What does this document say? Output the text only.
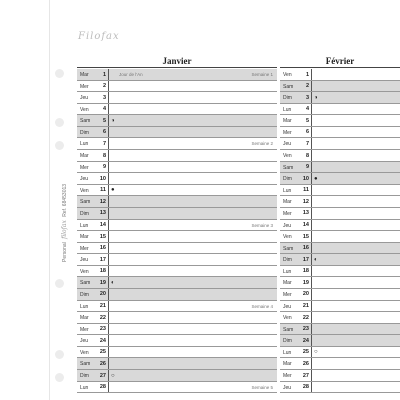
Filofax
Personal filofax Ref. 68453013
Janvier	Février
Mar	1	Jour de l'An	Semaine 1
Mer	2
Jeu	3
Ven	4
Sam	5 ◑
Dim	6
Lun	7	Semaine 2
Mar	8
Mer	9
Jeu	10
Ven	11 ●
Sam	12
Dim	13
Lun	14	Semaine 3
Mar	15
Mer	16
Jeu	17
Ven	18
Sam	19 ◐
Dim	20
Lun	21	Semaine 4
Mar	22
Mer	23
Jeu	24
Ven	25
Sam	26
Dim	27 ○
Lun	28	Semaine 5
Ven	1
Sam	2
Dim	3 ◑
Lun	4
Mar	5
Mer	6
Jeu	7
Ven	8
Sam	9
Dim	10 ●
Lun	11
Mar	12
Mer	13
Jeu	14
Ven	15
Sam	16
Dim	17 ◐
Lun	18
Mar	19
Mer	20
Jeu	21
Ven	22
Sam	23
Dim	24
Lun	25 ○
Mar	26
Mer	27
Jeu	28
